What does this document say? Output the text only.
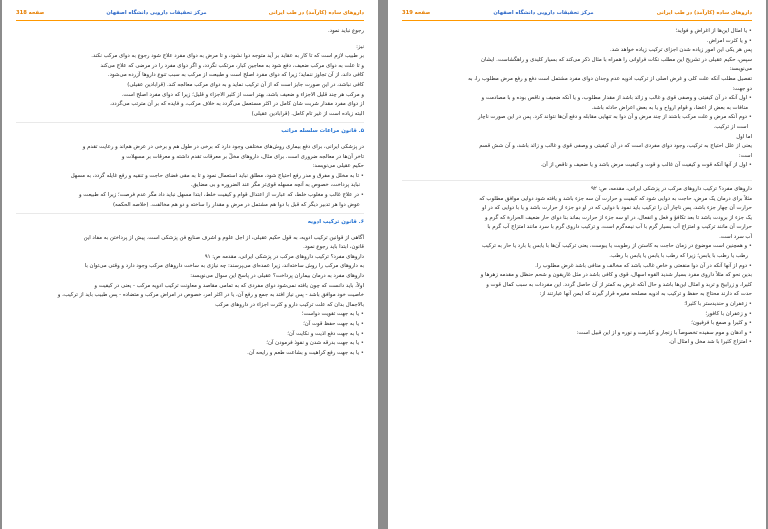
داروهای ساده (کارآمد) در طب ایرانی
مرکز تحقیقات دارویی دانشگاه اصفهان
صفحه 318
رجوع نباید نمود.
نیز:
بر طبیب لازم است که تا کار به عقاید بر آید متوجه دوا نشود، و تا مرض به دوای مفرد علاج شود رجوع به دوای مرکب نکند.
و تا علت به دوای مرکب ضعیف، دفع شود به معاجین کبار، مرتکب نگردد، و اگر دوای مفرد را در مرضی که علاج می‌کند
کافی داند، از آن تجاوز ننماید؛ زیرا که دوای مفرد اصلح است و طبیعت از مرکب به سبب تنوع داروها آزرده می‌شود.
کافی نباشد، در این صورت جایز است که از آن ترکیب نماید و به دوای مرکب معالجه کند. (قرابادین عقیلی)
و مرکب هر چند قلیل الاجزاء و ضعیف باشد، بهتر است از کثیر الاجزاء و قلیل؛ زیرا که دوای مفرد اصلح است.
از دوای مفرد مقدار شربت شان کامل در اکثر مستعمل می‌گردد به خلاف مرکب، و فایده که بر آن مترتب می‌گردد،
البته زیاده است از غیر تام کامل. (قرابادین عقیلی)
۵. قانون مراعات سلسله مراتب
در پزشکی ایرانی، برای دفع بیماری روش‌های مختلفی وجود دارد که برخی در طول هم و برخی در عرض هم‌اند و رعایت تقدم و
تاخر آن‌ها در معالجه ضروری است. برای مثال، داروهای مخلّ بر معرقات تقدم داشته و معرقات بر مسهلات و
حکیم عقیلی می‌نویسد:
• تا به مخلل و مفرق و مدر رفع احتیاج شود، مطلق نباید استعمال نمود و تا به مقی فضای حاجت و تنقیه و رفع غایله گردد، به مسهل
نباید پرداخت، خصوص به آنچه مسهله قوی‌تر مگر عند الضروره و بی مضایق.
• در علاج غالب و مغلوب خلط، که عبارت از اعتدال قوام و کیفیت خلط، ابتدا مسهل نباید داد مگر عدم فرصت؛ زیرا که طبیعت و
عوض دوا هر تدبیر دیگر که قبل با دوا هم مشتمل در مرض و مقدار را ساخته و دو هم مخالفت. (خلاصه الحکمه)
۶. قانون ترکیب ادویه
آگاهی از قوانین ترکیب ادویه، به قول حکیم عقیلی، از اجل علوم و اشرف صنایع فن پزشکی است. پیش از پرداختن به مفاد این
قانون، ابتدا باید رجوع نمود.
داروهای مفرد؟ ترکیب داروهای مرکب در پزشکی ایرانی، مقدمه ص: ۹۱
به داروهای مرکب را روش ساخته‌اند، زیرا عمده‌ای می‌پرسند: چه نیازی به ساخت داروهای مرکب وجود دارد و وقتی می‌توان با
داروهای مفرد به درمان بیماران پرداخت؟ عقیلی در پاسخ این سوال می‌نویسد:
اولاً، باید دانست که چون یافته نمی‌شود دوای مفردی که به تمامی مقاصد و معاونت ترکیب ادویه مرکب - یعنی در کیفیت و
خاصیت خود موافق باشد - پس نیاز افتد به جمع و رفع آن، یا در اکثر امر، خصوص در امراض مرکب و متضاده - پس طبیب باید از ترکیب، و
بالاجمال بدان که علت ترکیب دارو و کثرت اجزاء در داروهای مرکب
• یا به جهت تقویت دواست؛
• یا به جهت حفظ قوت آن؛
• یا به جهت دفع اذیت و نکایت آن؛
• یا به جهت بدرقه شدن و نفوذ فرمودن آن؛
• یا به جهت رفع کراهیت و بشاعت طعم و رایحه آن.
داروهای ساده (کارآمد) در طب ایرانی
مرکز تحقیقات دارویی دانشگاه اصفهان
صفحه 319
• یا امثال این‌ها از اغراض و فواید؛
• و یا کثرت امراض.
پس هر یکی این امور زیاده شدن اجزای ترکیب زیاده خواهد شد.
سپس، حکیم عقیلی در تشریح این مطلب نکات فراوانی را همراه با مثال ذکر می‌کند که بسیار کلیدی و راهگشاست. ایشان
می‌نویسد:
تفصیل مطلب آنکه علت کلی و غرض اصلی از ترکیب ادویه عدم وجدان دوای مفرد مشتمل است دفع و رفع مرض مطلوب را، به
دو جهت:
• اول آنکه در آن کیفیتی و وصفی قوی و غالب و زائد باشد از مقدار مطلوب، و یا آنکه ضعیف و ناقص بوده و با مصادمت و
منافات به بعض از اعضا، و قوام ارواح و یا به بعض اعراض حادثه باشد.
• دوم آنکه مرض و علت مرکب باشند از چند مرض و آن دوا به تنهایی مقابله و دفع آن‌ها نتواند کرد. پس در این صورت ناچار
است از ترکیب.
اما اول
یعنی از علل احتیاج به ترکیب، وجود دوای مفردی است که در آن کیفیتی و وصفی قوی و غالب و زائد باشد، و آن شش قسم
است:
• اول از آنها آنکه قوت و کیفیت آن غالب و قوت و کیفیت مرض باشد و یا ضعیف و ناقص از آن.
داروهای مفرد؟ ترکیب داروهای مرکب در پزشکی ایرانی، مقدمه، ص: ۹۲
مثلاً برای درمان یک مرض، حاجت به دوایی شود که کیفیت و حرارت آن سه جزء باشد و یافته شود دوایی موافق مطلوب که
حرارت آن چهار جزء باشد، پس ناچار آن را ترکیب باید نمود با دوایی که در او دو جزء از حرارت باشد و یا با دوایی که در او
یک جزء از برودت باشد تا بعد تکافؤ و فعل و انفعال، در او سه جزء از حرارت بماند بنا دوای حار ضعیف الحرارة که گرم و
حرارت آن مانند ترکیب و امتزاج آب بسیار گرم با آب نیمه‌گرم است، و ترکیب داروی گرم با سرد مانند امتزاج آب گرم با
آب سرد است.
• و همچنین است موضوع در زمان حاجت به کاستن از رطوبت یا یبوست، یعنی ترکیب آن‌ها با یابس یا بارد یا حار به ترکیب
رطب یا رطب با یابس؛ زیرا که رطب با یابس یا یابس با رطب.
• دوم از آنها آنکه در آن دوا منفعتی و خاص غالب باشد که مخالف و منافی باشد غرض مطلوب را.
بدین نحو که مثلاً داروی مفرد بسیار شدید القوه اسهال، قوی و کافی باشد در مثل غاریقون و شحم حنظل و مقدمه زهرها و
کثیرا، و زرابیح و تربد و امثال این‌ها باشد و حال آنکه غرض به کمتر از آن حاصل گردد. این مفردات به سبب کمال قوت و
حدت که دارند محتاج به حفظ و ترکیب به ادویه مصلحه مغیره قرار گیرند که ایمن آنها عبارتند از:
• زعفران و حندیدستر با کثیرا؛
• و زعفران با کافور؛
• و کثیرا و صمغ با فرفیون؛
• و ادهان و موم سفیده تخصوصاً با زنجار و کبارمت و نوره و از این قبیل است:
• امتزاج کثیرا با شد مخل و امثال آن.
